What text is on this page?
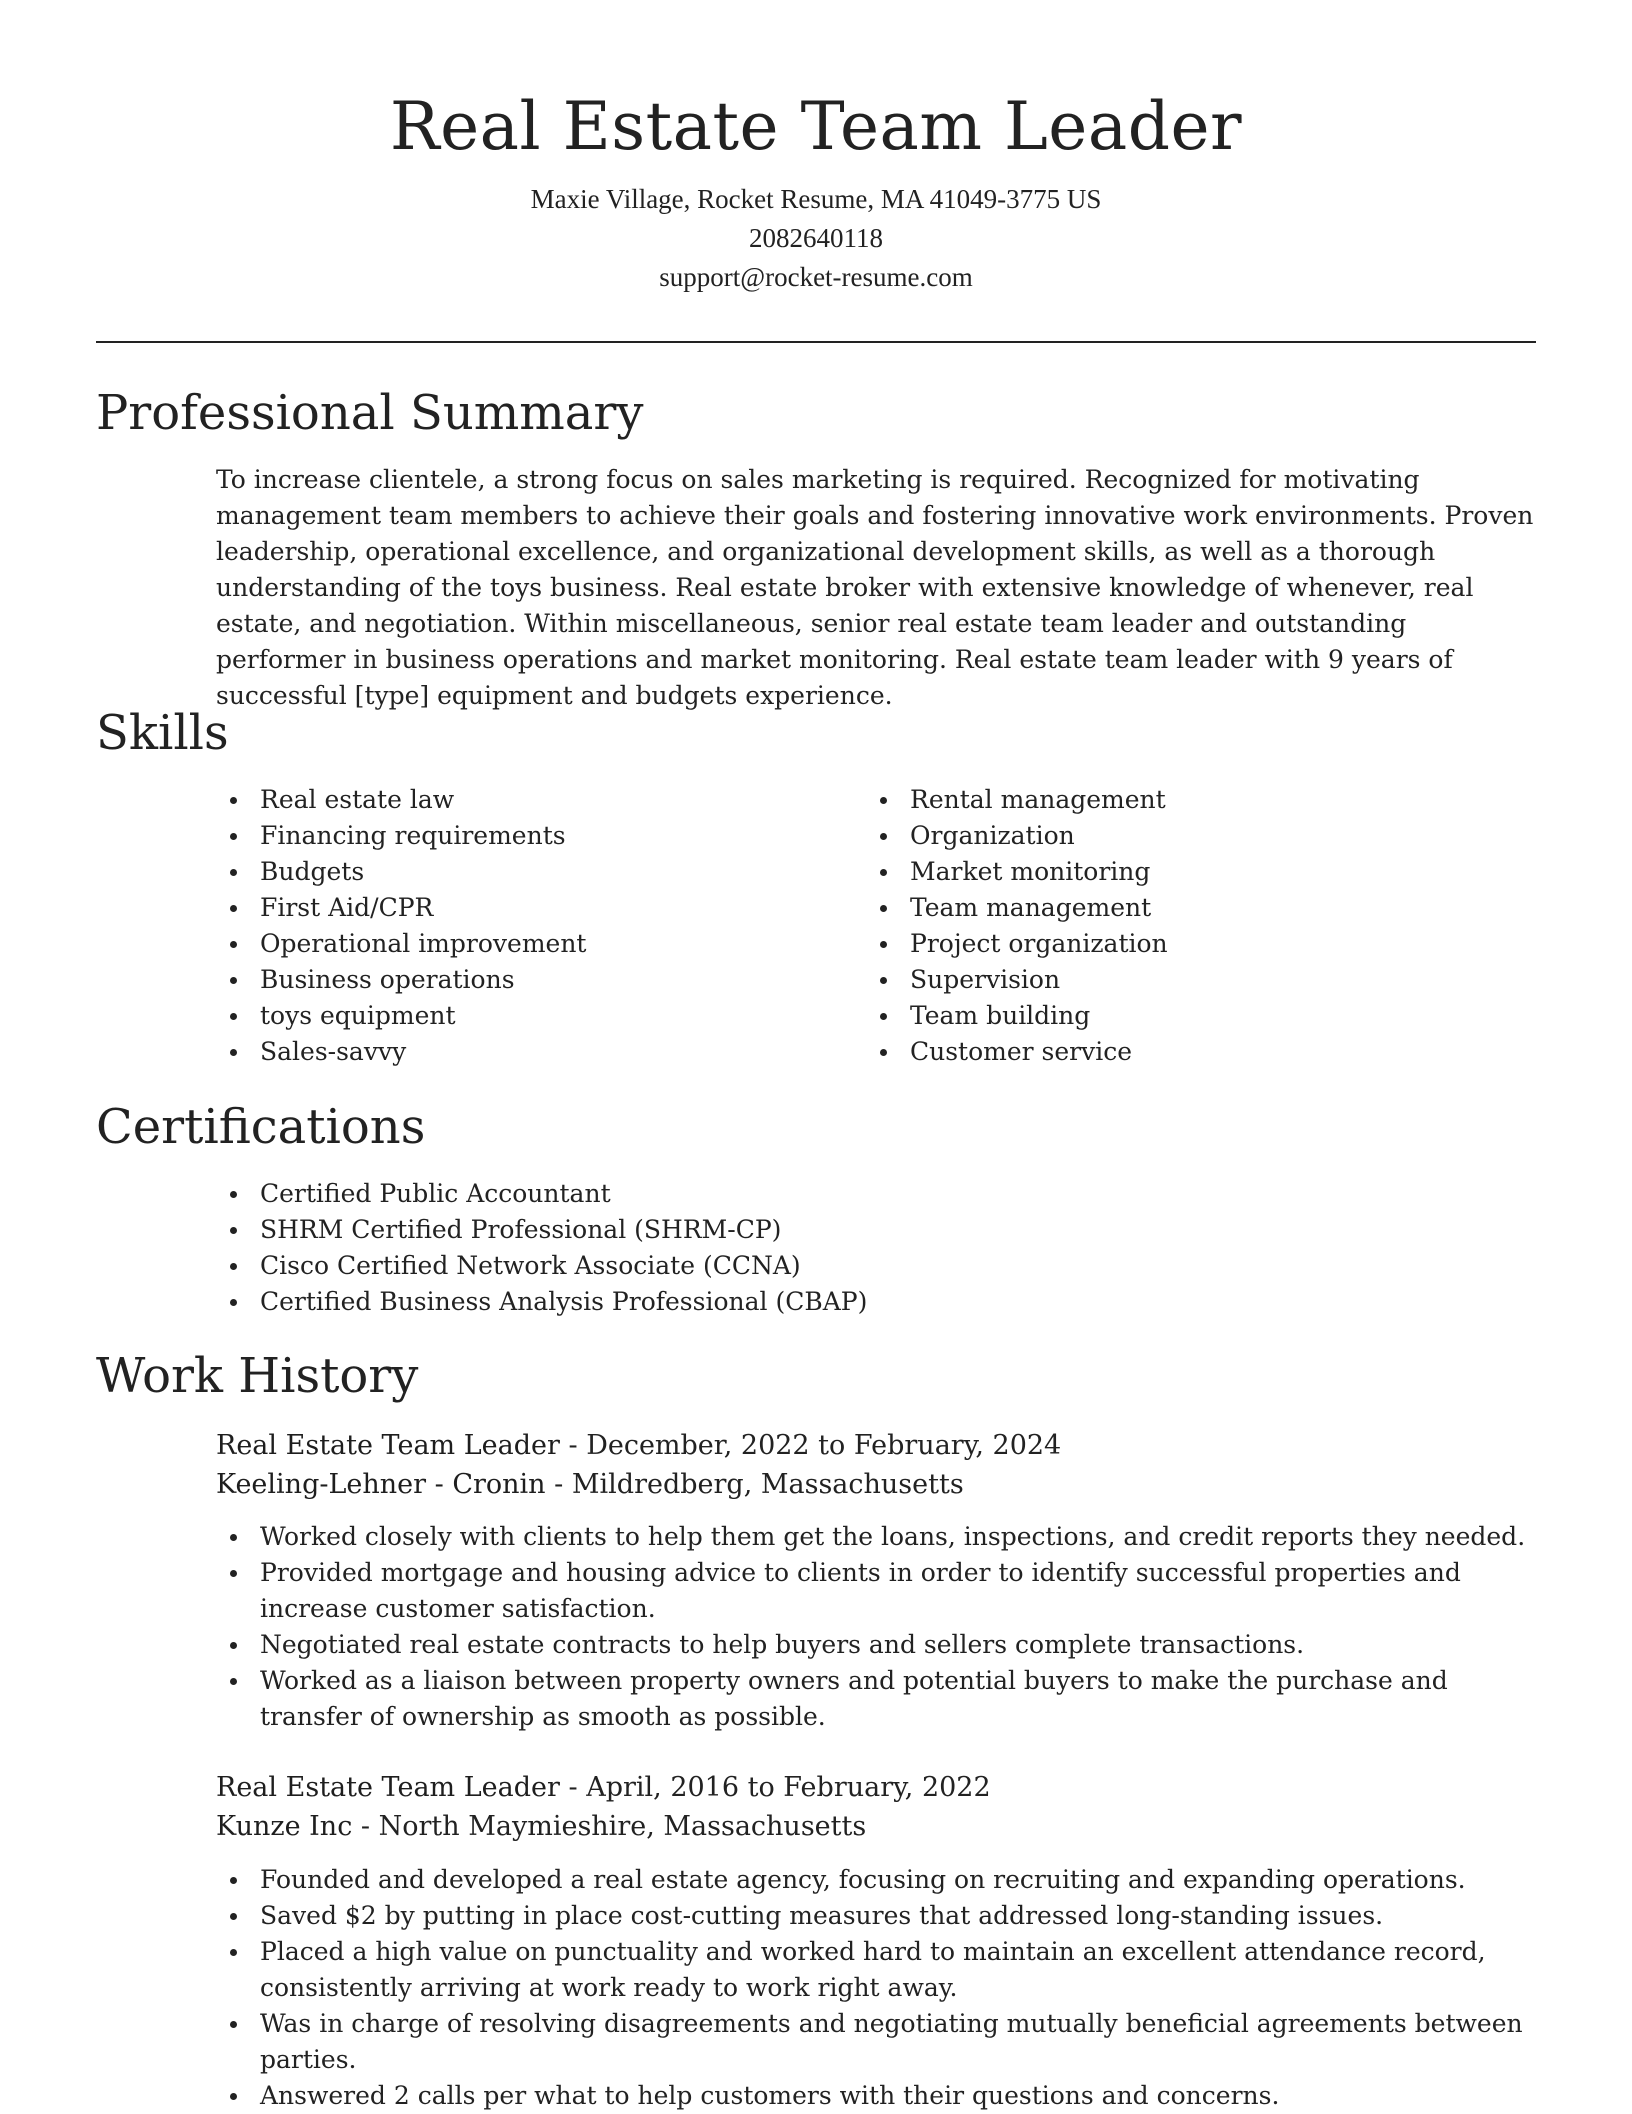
Real Estate Team Leader
Maxie Village, Rocket Resume, MA 41049-3775 US
2082640118
support@rocket-resume.com
Professional Summary

To increase clientele, a strong focus on sales marketing is required. Recognized for motivating management team members to achieve their goals and fostering innovative work environments. Proven leadership, operational excellence, and organizational development skills, as well as a thorough understanding of the toys business. Real estate broker with extensive knowledge of whenever, real estate, and negotiation. Within miscellaneous, senior real estate team leader and outstanding performer in business operations and market monitoring. Real estate team leader with 9 years of successful [type] equipment and budgets experience.

Skills
Real estate law
Financing requirements
Budgets
First Aid/CPR
Operational improvement
Business operations
toys equipment
Sales-savvy
Rental management
Organization
Market monitoring
Team management
Project organization
Supervision
Team building
Customer service
Certifications
Certified Public Accountant
SHRM Certified Professional (SHRM-CP)
Cisco Certified Network Associate (CCNA)
Certified Business Analysis Professional (CBAP)
Work History
Real Estate Team Leader - December, 2022 to February, 2024
Keeling-Lehner - Cronin - Mildredberg, Massachusetts
Worked closely with clients to help them get the loans, inspections, and credit reports they needed.
Provided mortgage and housing advice to clients in order to identify successful properties and increase customer satisfaction.
Negotiated real estate contracts to help buyers and sellers complete transactions.
Worked as a liaison between property owners and potential buyers to make the purchase and transfer of ownership as smooth as possible.
Real Estate Team Leader - April, 2016 to February, 2022
Kunze Inc - North Maymieshire, Massachusetts
Founded and developed a real estate agency, focusing on recruiting and expanding operations.
Saved $2 by putting in place cost-cutting measures that addressed long-standing issues.
Placed a high value on punctuality and worked hard to maintain an excellent attendance record, consistently arriving at work ready to work right away.
Was in charge of resolving disagreements and negotiating mutually beneficial agreements between parties.
Answered 2 calls per what to help customers with their questions and concerns.
